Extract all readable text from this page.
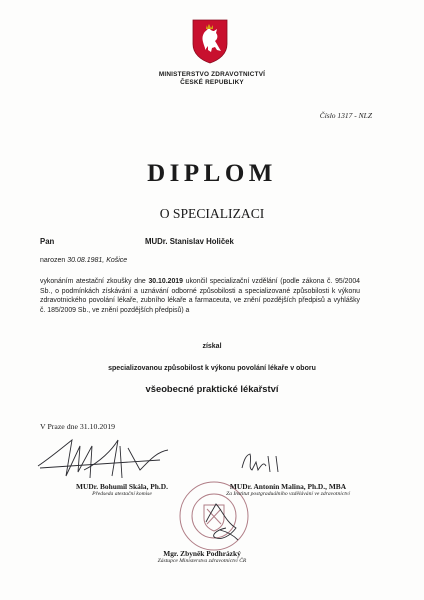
MINISTERSTVO ZDRAVOTNICTVÍ
ČESKÉ REPUBLIKY
Číslo 1317 - NLZ
DIPLOM
O SPECIALIZACI
Pan	MUDr. Stanislav Holiček
narozen 30.08.1981, Košice
vykonáním atestační zkoušky dne 30.10.2019 ukončil specializační vzdělání (podle zákona č. 95/2004 Sb., o podmínkách získávání a uznávání odborné způsobilosti a specializované způsobilosti k výkonu zdravotnického povolání lékaře, zubního lékaře a farmaceuta, ve znění pozdějších předpisů a vyhlášky č. 185/2009 Sb., ve znění pozdějších předpisů) a
získal
specializovanou způsobilost k výkonu povolání lékaře v oboru
všeobecné praktické lékařství
V Praze dne 31.10.2019
MUDr. Bohumil Skála, Ph.D.
Předseda atestační komise
MUDr. Antonín Malina, Ph.D., MBA
Za Institut postgraduálního vzdělávání ve zdravotnictví
Mgr. Zbyněk Podhrázký
Zástupce Ministerstva zdravotnictví ČR
